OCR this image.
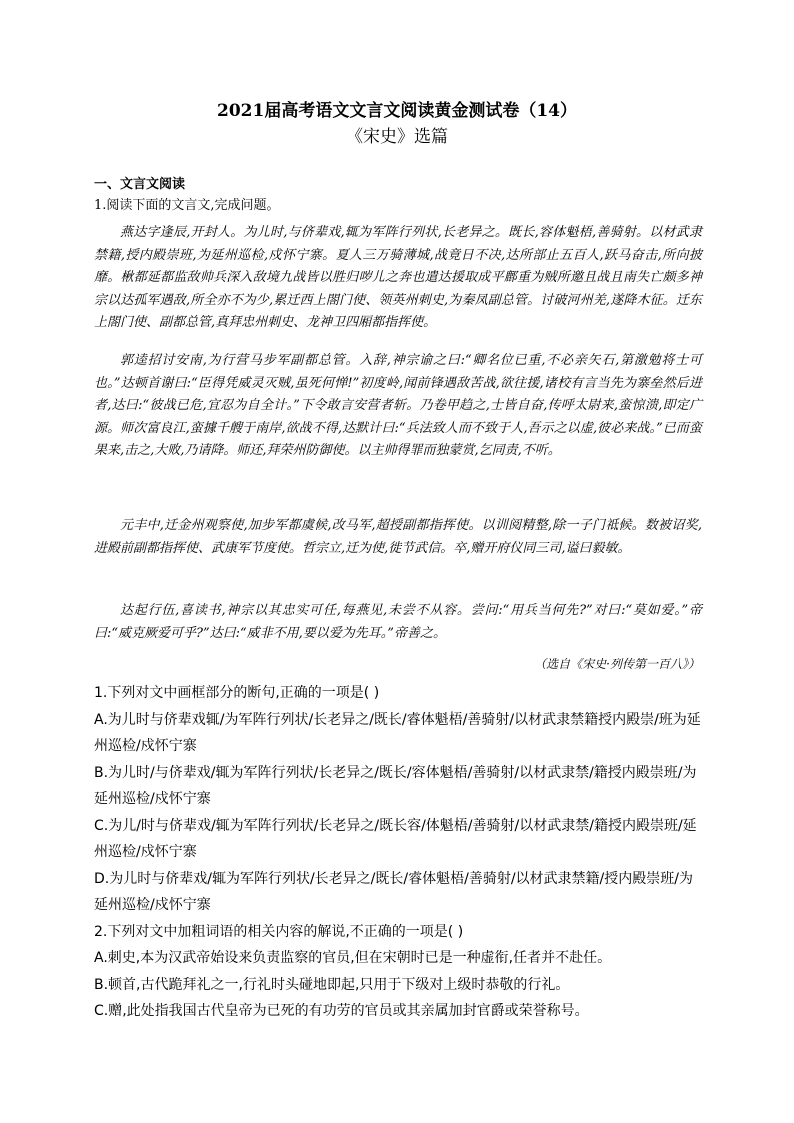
2021届高考语文文言文阅读黄金测试卷（14）
《宋史》选篇
一、文言文阅读
1.阅读下面的文言文,完成问题。

燕达字逢辰,开封人。为儿时,与侪辈戏,辄为军阵行列状,长老异之。既长,容体魁梧,善骑射。以材武隶禁籍,授内殿崇班,为延州巡检,戍怀宁寨。夏人三万骑薄城,战竟日不决,达所部止五百人,跃马奋击,所向披靡。楸都延都监敌帅兵深入敌境九战皆以胜归哕儿之奔也遣达援取成平鄜重为贼所邀且战且南失亡颇多神宗以达孤军遇敌,所全亦不为少,累迁西上閤门使、领英州刺史,为秦凤副总管。讨破河州羌,遂降木征。迁东上閤门使、副都总管,真拜忠州刺史、龙神卫四厢都指挥使。

郭逵招讨安南,为行营马步军副都总管。入辞,神宗谕之曰:“卿名位已重,不必亲矢石,第激勉将士可也。”达顿首谢曰:“臣得凭威灵灭贼,虽死何惮!”初度岭,闻前锋遇敌苦战,欲往援,诸校有言当先为寨垒然后进者,达曰:“彼战已危,宜忍为自全计。”下令敢言安营者斩。乃卷甲趋之,士皆自奋,传呼太尉来,蛮惊溃,即定广源。师次富良江,蛮據千艘于南岸,欲战不得,达默计曰:“兵法致人而不致于人,吾示之以虚,彼必来战。”已而蛮果来,击之,大败,乃请降。师还,拜荣州防御使。以主帅得罪而独蒙赏,乞同责,不听。

元丰中,迁金州观察使,加步军都虞候,改马军,超授副都指挥使。以训阅精整,除一子门祗候。数被诏奖,进殿前副都指挥使、武康军节度使。哲宗立,迁为使,徙节武信。卒,赠开府仪同三司,谥曰毅敏。

达起行伍,喜读书,神宗以其忠实可任,每燕见,未尝不从容。尝问:“用兵当何先?”对曰:“莫如爱。”帝曰:“威克厥爱可乎?”达曰:“威非不用,要以爱为先耳。”帝善之。

（选自《宋史·列传第一百八》）
1.下列对文中画框部分的断句,正确的一项是( )
A.为儿时与侪辈戏辄/为军阵行列状/长老异之/既长/睿体魁梧/善骑射/以材武隶禁籍授内殿崇/班为延州巡检/戍怀宁寨
B.为儿时/与侪辈戏/辄为军阵行列状/长老异之/既长/容体魁梧/善骑射/以材武隶禁/籍授内殿崇班/为延州巡检/戍怀宁寨
C.为儿/时与侪辈戏/辄为军阵行列状/长老异之/既长容/体魁梧/善骑射/以材武隶禁/籍授内殿崇班/延州巡检/戍怀宁寨
D.为儿时与侪辈戏/辄为军阵行列状/长老异之/既长/睿体魁梧/善骑射/以材武隶禁籍/授内殿崇班/为延州巡检/戍怀宁寨
2.下列对文中加粗词语的相关内容的解说,不正确的一项是( )
A.刺史,本为汉武帝始设来负责监察的官员,但在宋朝时已是一种虚衔,任者并不赴任。
B.顿首,古代跪拜礼之一,行礼时头碰地即起,只用于下级对上级时恭敬的行礼。
C.赠,此处指我国古代皇帝为已死的有功劳的官员或其亲属加封官爵或荣誉称号。
